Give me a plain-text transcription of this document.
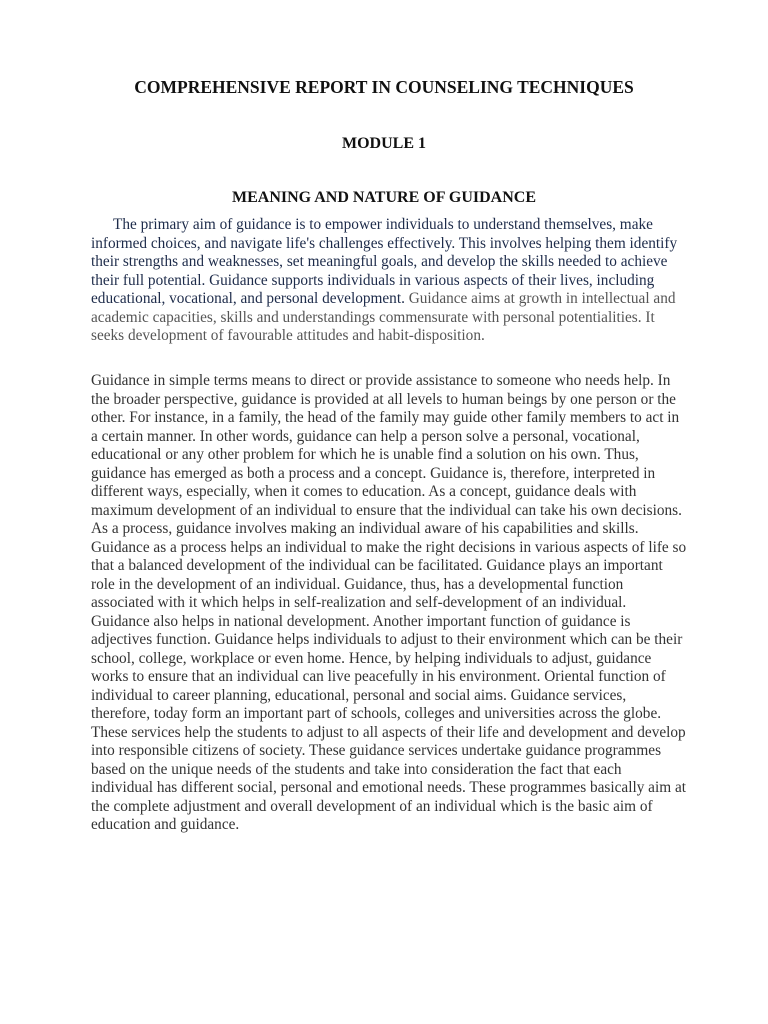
COMPREHENSIVE REPORT IN COUNSELING TECHNIQUES
MODULE 1
MEANING AND NATURE OF GUIDANCE

The primary aim of guidance is to empower individuals to understand themselves, make informed choices, and navigate life's challenges effectively. This involves helping them identify their strengths and weaknesses, set meaningful goals, and develop the skills needed to achieve their full potential. Guidance supports individuals in various aspects of their lives, including educational, vocational, and personal development. Guidance aims at growth in intellectual and academic capacities, skills and understandings commensurate with personal potentialities. It seeks development of favourable attitudes and habit-disposition.

Guidance in simple terms means to direct or provide assistance to someone who needs help. In the broader perspective, guidance is provided at all levels to human beings by one person or the other. For instance, in a family, the head of the family may guide other family members to act in a certain manner. In other words, guidance can help a person solve a personal, vocational, educational or any other problem for which he is unable find a solution on his own. Thus, guidance has emerged as both a process and a concept. Guidance is, therefore, interpreted in different ways, especially, when it comes to education. As a concept, guidance deals with maximum development of an individual to ensure that the individual can take his own decisions. As a process, guidance involves making an individual aware of his capabilities and skills. Guidance as a process helps an individual to make the right decisions in various aspects of life so that a balanced development of the individual can be facilitated. Guidance plays an important role in the development of an individual. Guidance, thus, has a developmental function associated with it which helps in self-realization and self-development of an individual. Guidance also helps in national development. Another important function of guidance is adjectives function. Guidance helps individuals to adjust to their environment which can be their school, college, workplace or even home. Hence, by helping individuals to adjust, guidance works to ensure that an individual can live peacefully in his environment. Oriental function of individual to career planning, educational, personal and social aims. Guidance services, therefore, today form an important part of schools, colleges and universities across the globe. These services help the students to adjust to all aspects of their life and development and develop into responsible citizens of society. These guidance services undertake guidance programmes based on the unique needs of the students and take into consideration the fact that each individual has different social, personal and emotional needs. These programmes basically aim at the complete adjustment and overall development of an individual which is the basic aim of education and guidance.
